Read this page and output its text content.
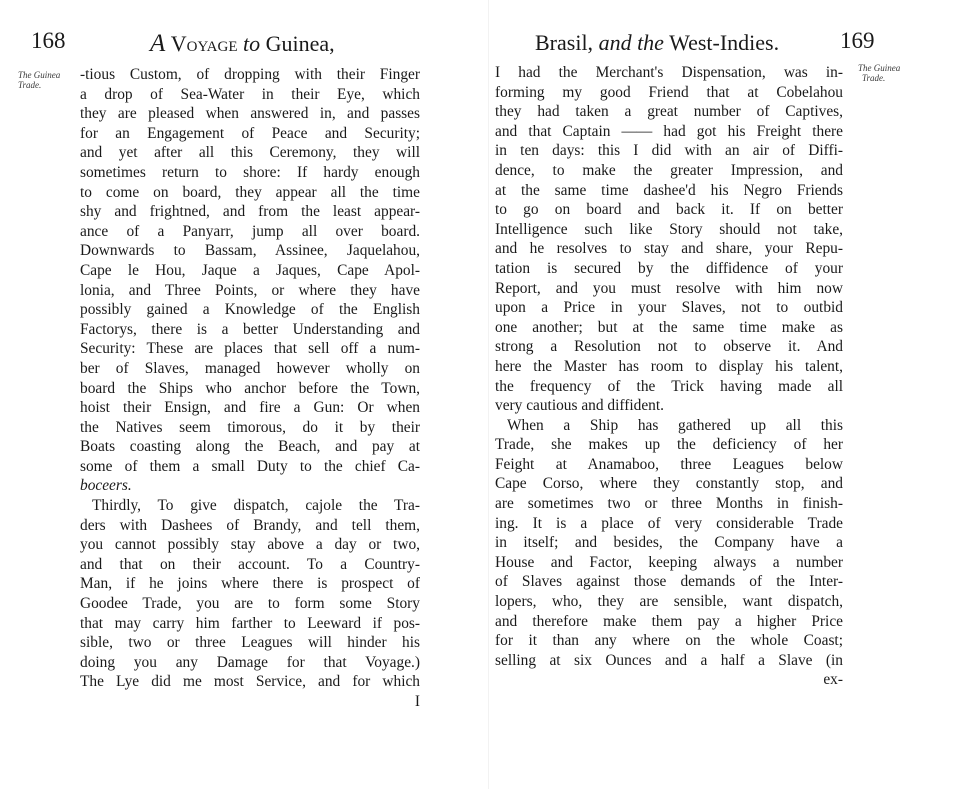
168	A Voyage to Guinea,
The Guinea
Trade.
-tious Custom, of dropping with their Finger
a drop of Sea-Water in their Eye, which
they are pleased when answered in, and passes
for an Engagement of Peace and Security;
and yet after all this Ceremony, they will
sometimes return to shore: If hardy enough
to come on board, they appear all the time
shy and frightned, and from the least appear-
ance of a Panyarr, jump all over board.
Downwards to Bassam, Assinee, Jaquelahou,
Cape le Hou, Jaque a Jaques, Cape Apol-
lonia, and Three Points, or where they have
possibly gained a Knowledge of the English
Factorys, there is a better Understanding and
Security: These are places that sell off a num-
ber of Slaves, managed however wholly on
board the Ships who anchor before the Town,
hoist their Ensign, and fire a Gun: Or when
the Natives seem timorous, do it by their
Boats coasting along the Beach, and pay at
some of them a small Duty to the chief Ca-
boceers.
Thirdly, To give dispatch, cajole the Tra-
ders with Dashees of Brandy, and tell them,
you cannot possibly stay above a day or two,
and that on their account. To a Country-
Man, if he joins where there is prospect of
Goodee Trade, you are to form some Story
that may carry him farther to Leeward if pos-
sible, two or three Leagues will hinder his
doing you any Damage for that Voyage.)
The Lye did me most Service, and for which
I
Brasil, and the West-Indies.	169
The Guinea
Trade.
I had the Merchant's Dispensation, was in-
forming my good Friend that at Cobelahou
they had taken a great number of Captives,
and that Captain —— had got his Freight there
in ten days: this I did with an air of Diffi-
dence, to make the greater Impression, and
at the same time dashee'd his Negro Friends
to go on board and back it. If on better
Intelligence such like Story should not take,
and he resolves to stay and share, your Repu-
tation is secured by the diffidence of your
Report, and you must resolve with him now
upon a Price in your Slaves, not to outbid
one another; but at the same time make as
strong a Resolution not to observe it. And
here the Master has room to display his talent,
the frequency of the Trick having made all
very cautious and diffident.
When a Ship has gathered up all this
Trade, she makes up the deficiency of her
Feight at Anamaboo, three Leagues below
Cape Corso, where they constantly stop, and
are sometimes two or three Months in finish-
ing. It is a place of very considerable Trade
in itself; and besides, the Company have a
House and Factor, keeping always a number
of Slaves against those demands of the Inter-
lopers, who, they are sensible, want dispatch,
and therefore make them pay a higher Price
for it than any where on the whole Coast;
selling at six Ounces and a half a Slave (in
ex-
